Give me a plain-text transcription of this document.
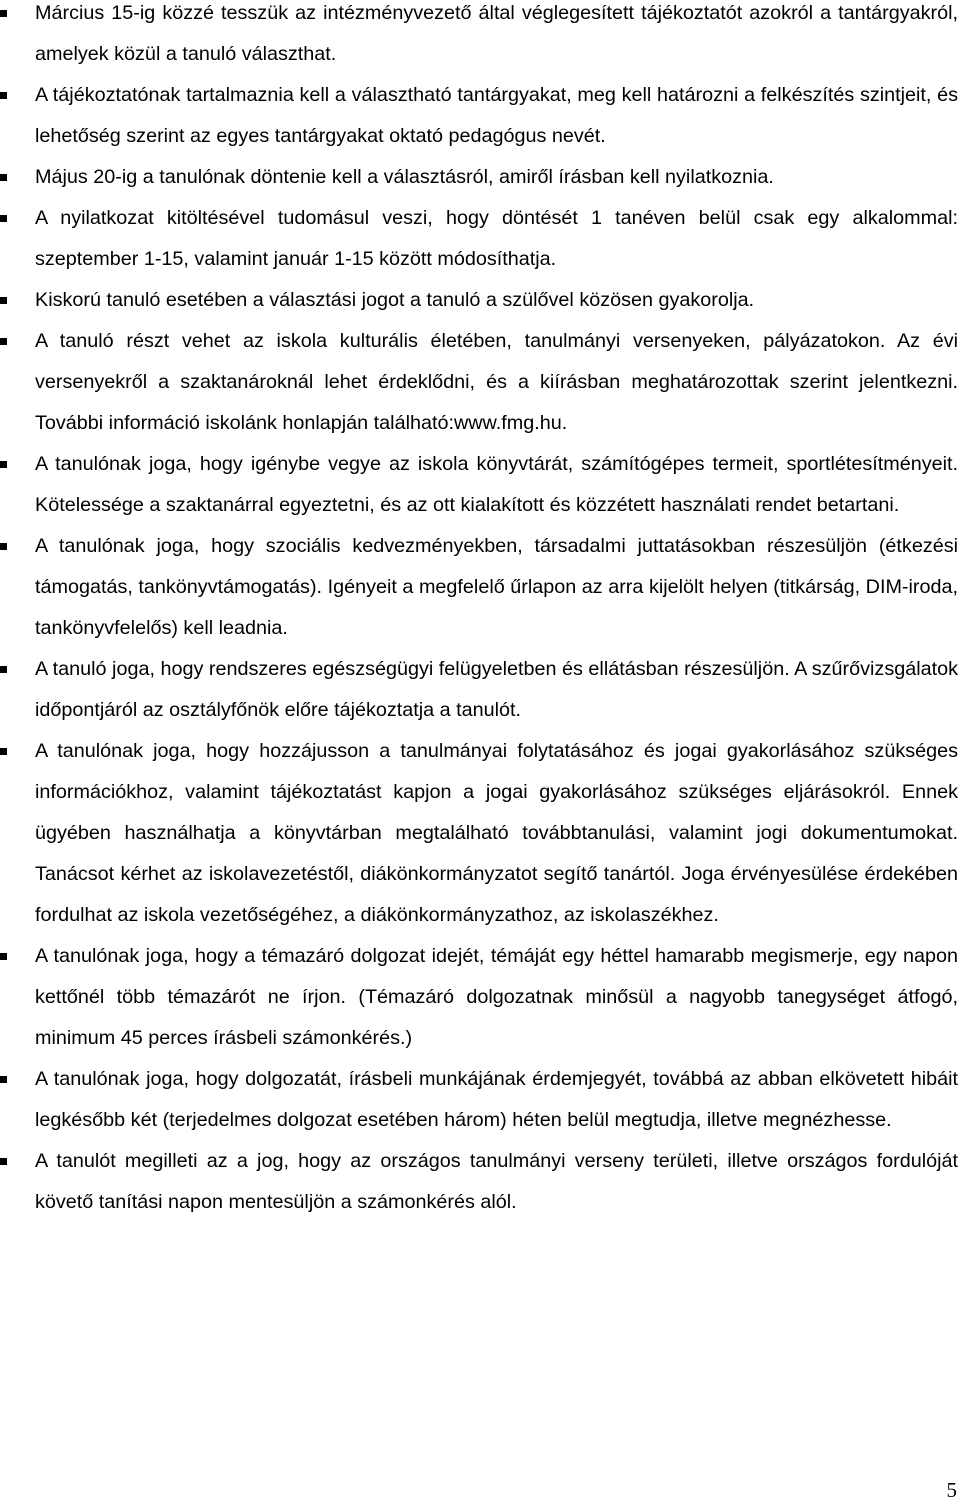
Március 15-ig közzé tesszük az intézményvezető által véglegesített tájékoztatót azokról a tantárgyakról, amelyek közül a tanuló választhat.
A tájékoztatónak tartalmaznia kell a választható tantárgyakat, meg kell határozni a felkészítés szintjeit, és lehetőség szerint az egyes tantárgyakat oktató pedagógus nevét.
Május 20-ig a tanulónak döntenie kell a választásról, amiről írásban kell nyilatkoznia.
A nyilatkozat kitöltésével tudomásul veszi, hogy döntését 1 tanéven belül csak egy alkalommal: szeptember 1-15, valamint január 1-15 között módosíthatja.
Kiskorú tanuló esetében a választási jogot a tanuló a szülővel közösen gyakorolja.
A tanuló részt vehet az iskola kulturális életében, tanulmányi versenyeken, pályázatokon. Az évi versenyekről a szaktanároknál lehet érdeklődni, és a kiírásban meghatározottak szerint jelentkezni. További információ iskolánk honlapján található:www.fmg.hu.
A tanulónak joga, hogy igénybe vegye az iskola könyvtárát, számítógépes termeit, sportlétesítményeit. Kötelessége a szaktanárral egyeztetni, és az ott kialakított és közzétett használati rendet betartani.
A tanulónak joga, hogy szociális kedvezményekben, társadalmi juttatásokban részesüljön (étkezési támogatás, tankönyvtámogatás). Igényeit a megfelelő űrlapon az arra kijelölt helyen (titkárság, DIM-iroda, tankönyvfelelős) kell leadnia.
A tanuló joga, hogy rendszeres egészségügyi felügyeletben és ellátásban részesüljön. A szűrővizsgálatok időpontjáról az osztályfőnök előre tájékoztatja a tanulót.
A tanulónak joga, hogy hozzájusson a tanulmányai folytatásához és jogai gyakorlásához szükséges információkhoz, valamint tájékoztatást kapjon a jogai gyakorlásához szükséges eljárásokról. Ennek ügyében használhatja a könyvtárban megtalálható továbbtanulási, valamint jogi dokumentumokat. Tanácsot kérhet az iskolavezetéstől, diákönkormányzatot segítő tanártól. Joga érvényesülése érdekében fordulhat az iskola vezetőségéhez, a diákönkormányzathoz, az iskolaszékhez.
A tanulónak joga, hogy a témazáró dolgozat idejét, témáját egy héttel hamarabb megismerje, egy napon kettőnél több témazárót ne írjon. (Témazáró dolgozatnak minősül a nagyobb tanegységet átfogó, minimum 45 perces írásbeli számonkérés.)
A tanulónak joga, hogy dolgozatát, írásbeli munkájának érdemjegyét, továbbá az abban elkövetett hibáit legkésőbb két (terjedelmes dolgozat esetében három) héten belül megtudja, illetve megnézhesse.
A tanulót megilleti az a jog, hogy az országos tanulmányi verseny területi, illetve országos fordulóját követő tanítási napon mentesüljön a számonkérés alól.
5
